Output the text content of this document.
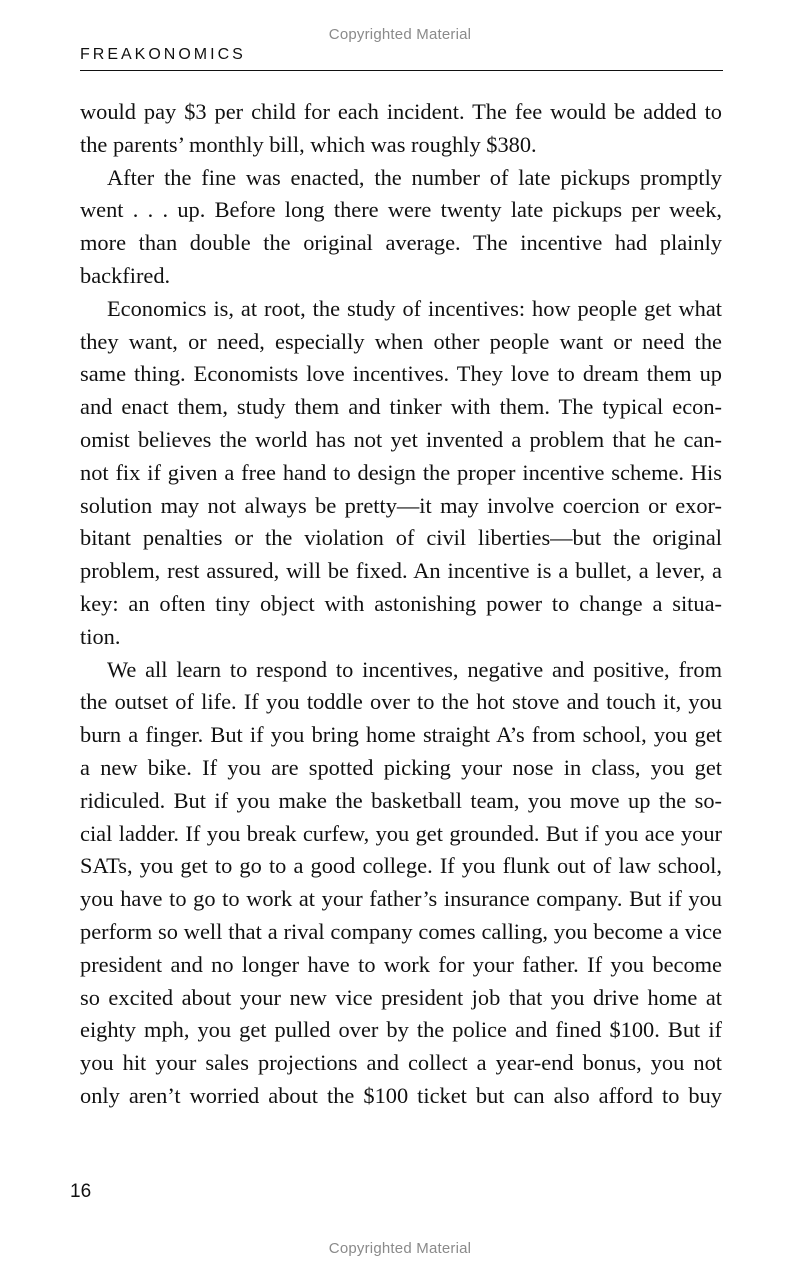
Copyrighted Material
FREAKONOMICS
would pay $3 per child for each incident. The fee would be added to
the parents’ monthly bill, which was roughly $380.
After the fine was enacted, the number of late pickups promptly
went . . . up. Before long there were twenty late pickups per week,
more than double the original average. The incentive had plainly
backfired.
Economics is, at root, the study of incentives: how people get what
they want, or need, especially when other people want or need the
same thing. Economists love incentives. They love to dream them up
and enact them, study them and tinker with them. The typical econ-
omist believes the world has not yet invented a problem that he can-
not fix if given a free hand to design the proper incentive scheme. His
solution may not always be pretty—it may involve coercion or exor-
bitant penalties or the violation of civil liberties—but the original
problem, rest assured, will be fixed. An incentive is a bullet, a lever, a
key: an often tiny object with astonishing power to change a situa-
tion.
We all learn to respond to incentives, negative and positive, from
the outset of life. If you toddle over to the hot stove and touch it, you
burn a finger. But if you bring home straight A’s from school, you get
a new bike. If you are spotted picking your nose in class, you get
ridiculed. But if you make the basketball team, you move up the so-
cial ladder. If you break curfew, you get grounded. But if you ace your
SATs, you get to go to a good college. If you flunk out of law school,
you have to go to work at your father’s insurance company. But if you
perform so well that a rival company comes calling, you become a vice
president and no longer have to work for your father. If you become
so excited about your new vice president job that you drive home at
eighty mph, you get pulled over by the police and fined $100. But if
you hit your sales projections and collect a year-end bonus, you not
only aren’t worried about the $100 ticket but can also afford to buy
16
Copyrighted Material
